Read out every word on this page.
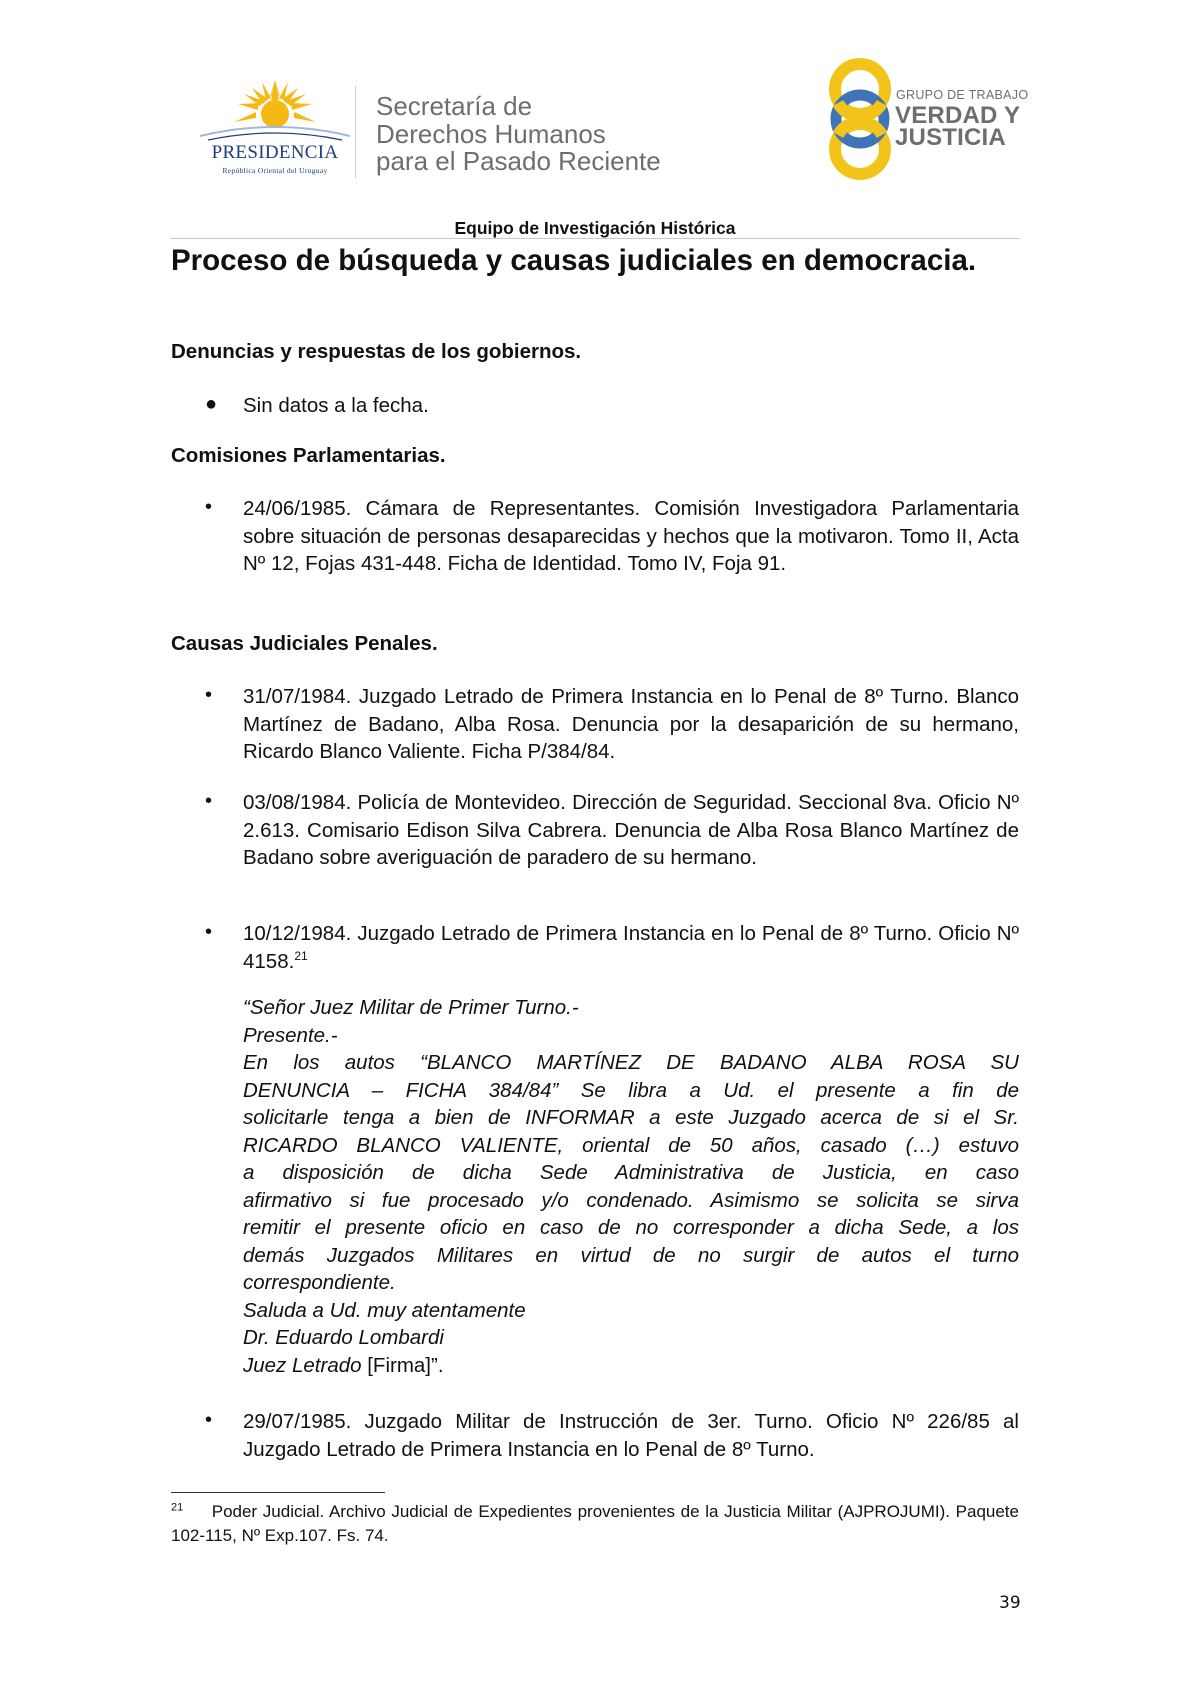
PRESIDENCIA
República Oriental del Uruguay
Secretaría de
Derechos Humanos
para el Pasado Reciente
GRUPO DE TRABAJO
VERDAD Y
JUSTICIA
Equipo de Investigación Histórica
Proceso de búsqueda y causas judiciales en democracia.
Denuncias y respuestas de los gobiernos.
● Sin datos a la fecha.
Comisiones Parlamentarias.
• 24/06/1985. Cámara de Representantes. Comisión Investigadora Parlamentaria sobre situación de personas desaparecidas y hechos que la motivaron. Tomo II, Acta Nº 12, Fojas 431-448. Ficha de Identidad. Tomo IV, Foja 91.
Causas Judiciales Penales.
• 31/07/1984. Juzgado Letrado de Primera Instancia en lo Penal de 8º Turno. Blanco Martínez de Badano, Alba Rosa. Denuncia por la desaparición de su hermano, Ricardo Blanco Valiente. Ficha P/384/84.
• 03/08/1984. Policía de Montevideo. Dirección de Seguridad. Seccional 8va. Oficio Nº 2.613. Comisario Edison Silva Cabrera. Denuncia de Alba Rosa Blanco Martínez de Badano sobre averiguación de paradero de su hermano.
• 10/12/1984. Juzgado Letrado de Primera Instancia en lo Penal de 8º Turno. Oficio Nº 4158.21
“Señor Juez Militar de Primer Turno.-
Presente.-
En los autos “BLANCO MARTÍNEZ DE BADANO ALBA ROSA SU
DENUNCIA – FICHA 384/84” Se libra a Ud. el presente a fin de
solicitarle tenga a bien de INFORMAR a este Juzgado acerca de si el Sr.
RICARDO BLANCO VALIENTE, oriental de 50 años, casado (…) estuvo
a disposición de dicha Sede Administrativa de Justicia, en caso
afirmativo si fue procesado y/o condenado. Asimismo se solicita se sirva
remitir el presente oficio en caso de no corresponder a dicha Sede, a los
demás Juzgados Militares en virtud de no surgir de autos el turno
correspondiente.
Saluda a Ud. muy atentamente
Dr. Eduardo Lombardi
Juez Letrado [Firma]”.
• 29/07/1985. Juzgado Militar de Instrucción de 3er. Turno. Oficio Nº 226/85 al Juzgado Letrado de Primera Instancia en lo Penal de 8º Turno.
$^{21}$ Poder Judicial. Archivo Judicial de Expedientes provenientes de la Justicia Militar (AJPROJUMI). Paquete 102-115, Nº Exp.107. Fs. 74.
39
